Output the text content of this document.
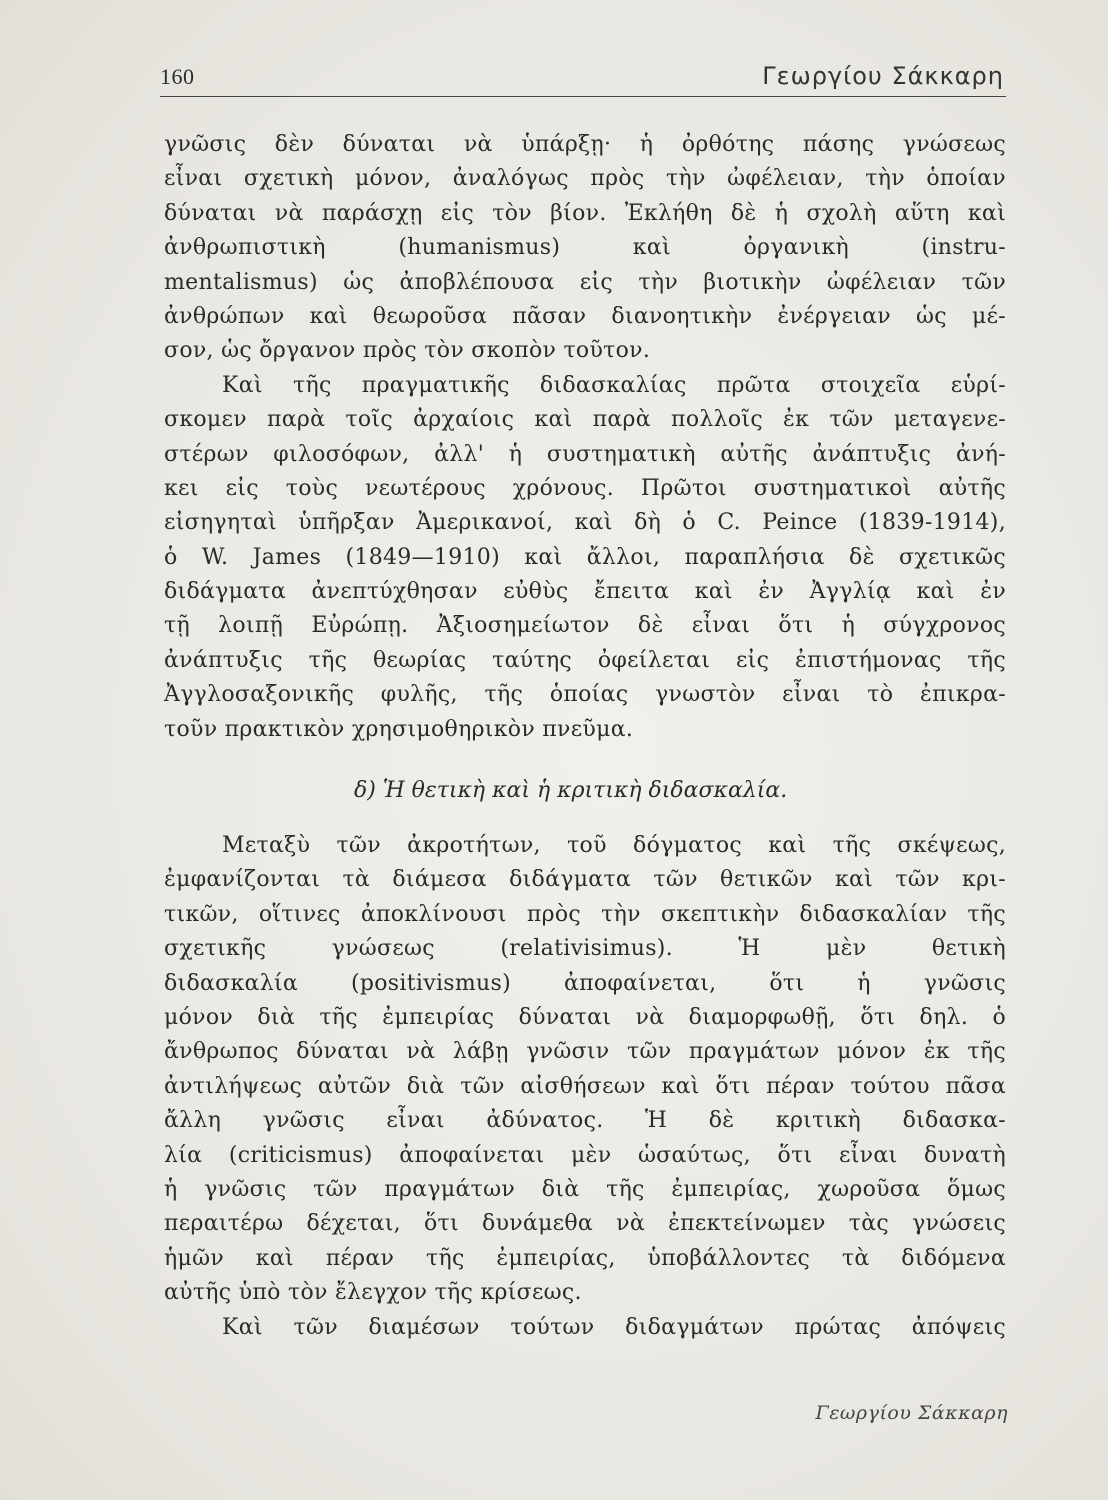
160	Γεωργίου Σάκκαρη
γνῶσις δὲν δύναται νὰ ὑπάρξῃ· ἡ ὀρθότης πάσης γνώσεως
εἶναι σχετικὴ μόνον, ἀναλόγως πρὸς τὴν ὠφέλειαν, τὴν ὁποίαν
δύναται νὰ παράσχῃ εἰς τὸν βίον. Ἐκλήθη δὲ ἡ σχολὴ αὕτη καὶ
ἀνθρωπιστικὴ (humanismus) καὶ ὀργανικὴ (instru-
mentalismus) ὡς ἀποβλέπουσα εἰς τὴν βιοτικὴν ὠφέλειαν τῶν
ἀνθρώπων καὶ θεωροῦσα πᾶσαν διανοητικὴν ἐνέργειαν ὡς μέ-
σον, ὡς ὄργανον πρὸς τὸν σκοπὸν τοῦτον.
Καὶ τῆς πραγματικῆς διδασκαλίας πρῶτα στοιχεῖα εὑρί-
σκομεν παρὰ τοῖς ἀρχαίοις καὶ παρὰ πολλοῖς ἐκ τῶν μεταγενε-
στέρων φιλοσόφων, ἀλλ' ἡ συστηματικὴ αὐτῆς ἀνάπτυξις ἀνή-
κει εἰς τοὺς νεωτέρους χρόνους. Πρῶτοι συστηματικοὶ αὐτῆς
εἰσηγηταὶ ὑπῆρξαν Ἀμερικανοί, καὶ δὴ ὁ C. Peince (1839-1914),
ὁ W. James (1849—1910) καὶ ἄλλοι, παραπλήσια δὲ σχετικῶς
διδάγματα ἀνεπτύχθησαν εὐθὺς ἔπειτα καὶ ἐν Ἀγγλίᾳ καὶ ἐν
τῇ λοιπῇ Εὐρώπῃ. Ἀξιοσημείωτον δὲ εἶναι ὅτι ἡ σύγχρονος
ἀνάπτυξις τῆς θεωρίας ταύτης ὀφείλεται εἰς ἐπιστήμονας τῆς
Ἀγγλοσαξονικῆς φυλῆς, τῆς ὁποίας γνωστὸν εἶναι τὸ ἐπικρα-
τοῦν πρακτικὸν χρησιμοθηρικὸν πνεῦμα.
δ) Ἡ θετικὴ καὶ ἡ κριτικὴ διδασκαλία.
Μεταξὺ τῶν ἀκροτήτων, τοῦ δόγματος καὶ τῆς σκέψεως,
ἐμφανίζονται τὰ διάμεσα διδάγματα τῶν θετικῶν καὶ τῶν κρι-
τικῶν, οἵτινες ἀποκλίνουσι πρὸς τὴν σκεπτικὴν διδασκαλίαν τῆς
σχετικῆς γνώσεως (relativisimus). Ἡ μὲν θετικὴ
διδασκαλία (positivismus) ἀποφαίνεται, ὅτι ἡ γνῶσις
μόνον διὰ τῆς ἐμπειρίας δύναται νὰ διαμορφωθῇ, ὅτι δηλ. ὁ
ἄνθρωπος δύναται νὰ λάβῃ γνῶσιν τῶν πραγμάτων μόνον ἐκ τῆς
ἀντιλήψεως αὐτῶν διὰ τῶν αἰσθήσεων καὶ ὅτι πέραν τούτου πᾶσα
ἄλλη γνῶσις εἶναι ἀδύνατος. Ἡ δὲ κριτικὴ διδασκα-
λία (criticismus) ἀποφαίνεται μὲν ὡσαύτως, ὅτι εἶναι δυνατὴ
ἡ γνῶσις τῶν πραγμάτων διὰ τῆς ἐμπειρίας, χωροῦσα ὅμως
περαιτέρω δέχεται, ὅτι δυνάμεθα νὰ ἐπεκτείνωμεν τὰς γνώσεις
ἡμῶν καὶ πέραν τῆς ἐμπειρίας, ὑποβάλλοντες τὰ διδόμενα
αὐτῆς ὑπὸ τὸν ἔλεγχον τῆς κρίσεως.
Καὶ τῶν διαμέσων τούτων διδαγμάτων πρώτας ἀπόψεις
Γεωργίου Σάκκαρη
